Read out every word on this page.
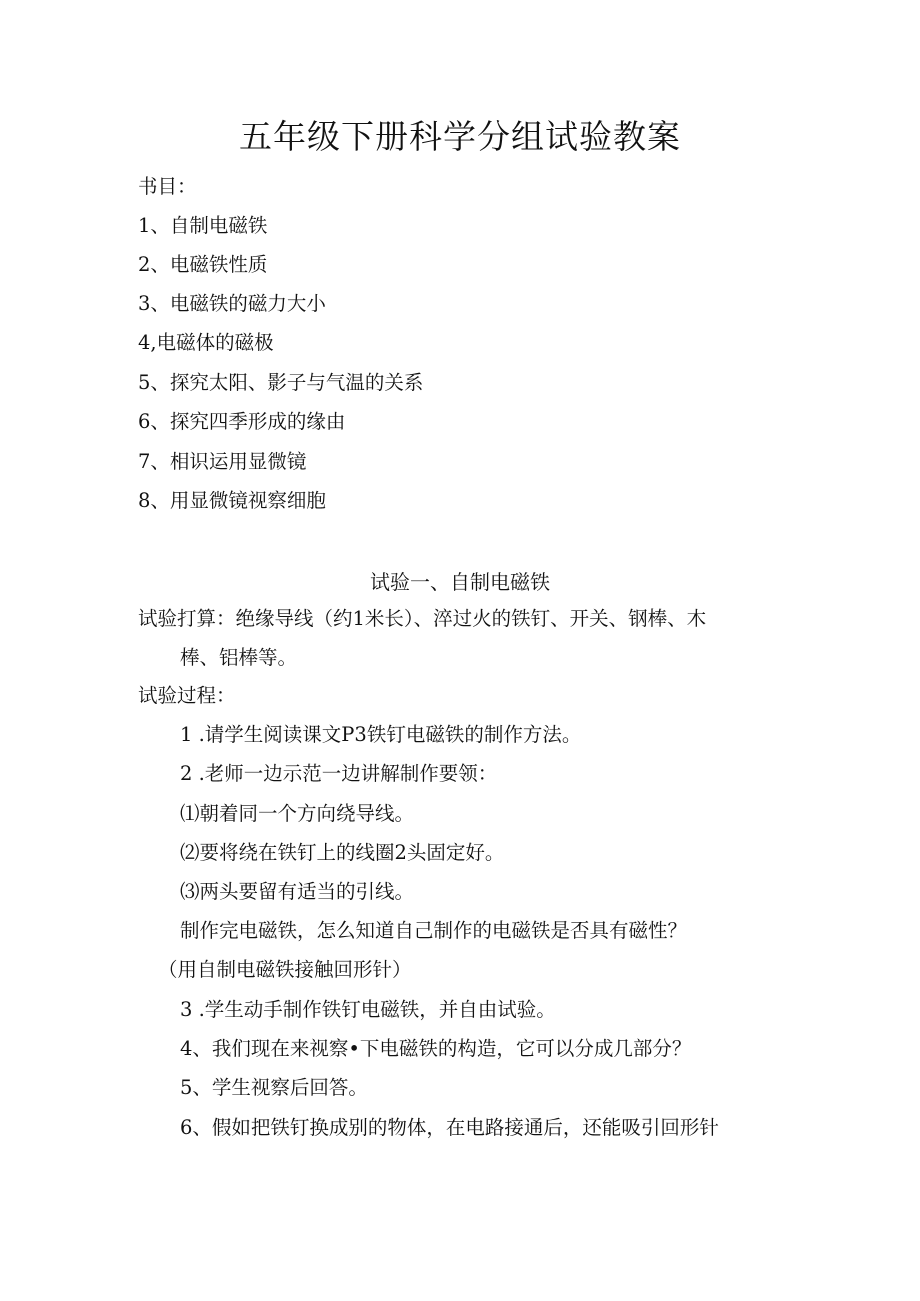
五年级下册科学分组试验教案
书目：
1、自制电磁铁
2、电磁铁性质
3、电磁铁的磁力大小
4,电磁体的磁极
5、探究太阳、影子与气温的关系
6、探究四季形成的缘由
7、相识运用显微镜
8、用显微镜视察细胞
试验一、自制电磁铁
试验打算：绝缘导线（约1米长）、淬过火的铁钉、开关、钢棒、木
棒、铝棒等。
试验过程：
1 .请学生阅读课文P3铁钉电磁铁的制作方法。
2 .老师一边示范一边讲解制作要领：
⑴朝着同一个方向绕导线。
⑵要将绕在铁钉上的线圈2头固定好。
⑶两头要留有适当的引线。
制作完电磁铁，怎么知道自己制作的电磁铁是否具有磁性？
（用自制电磁铁接触回形针）
3 .学生动手制作铁钉电磁铁，并自由试验。
4、我们现在来视察•下电磁铁的构造，它可以分成几部分？
5、学生视察后回答。
6、假如把铁钉换成别的物体，在电路接通后，还能吸引回形针
